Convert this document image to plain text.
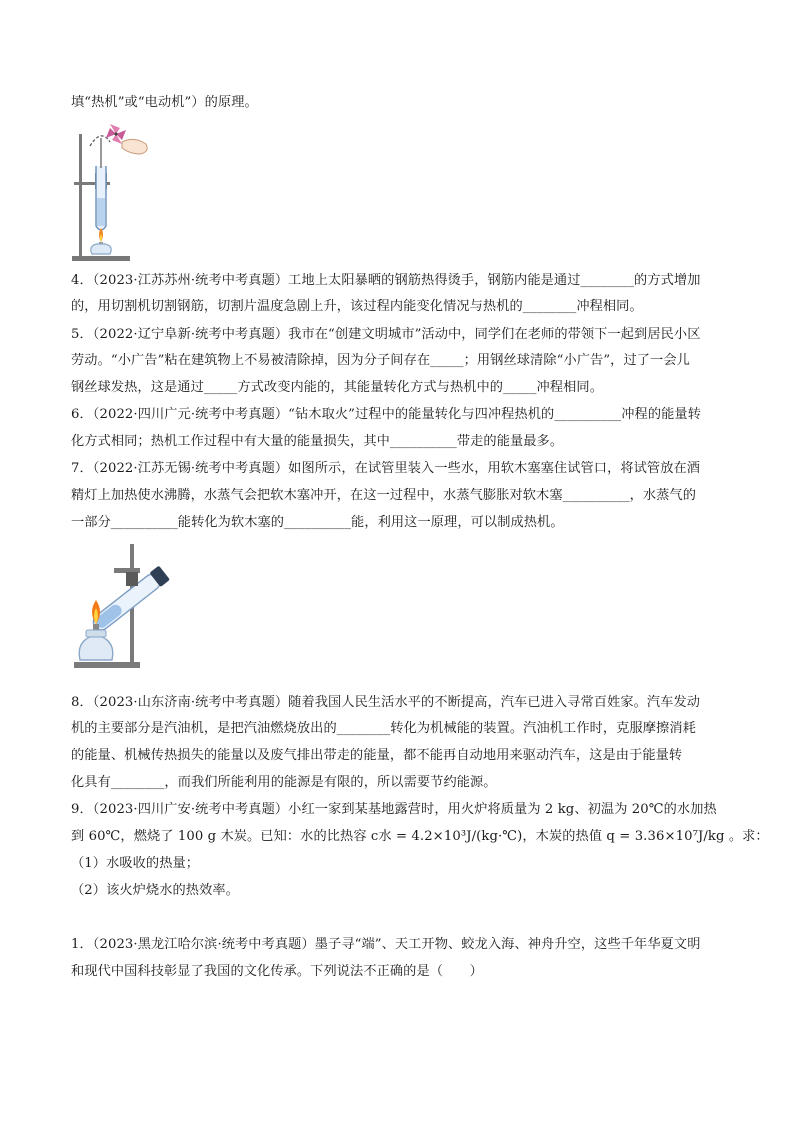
填“热机”或“电动机”）的原理。
4．（2023·江苏苏州·统考中考真题）工地上太阳暴晒的钢筋热得烫手，钢筋内能是通过________的方式增加
的，用切割机切割钢筋，切割片温度急剧上升，该过程内能变化情况与热机的________冲程相同。
5．（2022·辽宁阜新·统考中考真题）我市在“创建文明城市”活动中，同学们在老师的带领下一起到居民小区
劳动。“小广告”粘在建筑物上不易被清除掉，因为分子间存在_____；用钢丝球清除“小广告”，过了一会儿
钢丝球发热，这是通过_____方式改变内能的，其能量转化方式与热机中的_____冲程相同。
6．（2022·四川广元·统考中考真题）“钻木取火”过程中的能量转化与四冲程热机的__________冲程的能量转
化方式相同；热机工作过程中有大量的能量损失，其中__________带走的能量最多。
7．（2022·江苏无锡·统考中考真题）如图所示，在试管里装入一些水，用软木塞塞住试管口，将试管放在酒
精灯上加热使水沸腾，水蒸气会把软木塞冲开，在这一过程中，水蒸气膨胀对软木塞__________，水蒸气的
一部分__________能转化为软木塞的__________能，利用这一原理，可以制成热机。
8．（2023·山东济南·统考中考真题）随着我国人民生活水平的不断提高，汽车已进入寻常百姓家。汽车发动
机的主要部分是汽油机，是把汽油燃烧放出的________转化为机械能的装置。汽油机工作时，克服摩擦消耗
的能量、机械传热损失的能量以及废气排出带走的能量，都不能再自动地用来驱动汽车，这是由于能量转
化具有________，而我们所能利用的能源是有限的，所以需要节约能源。
9．（2023·四川广安·统考中考真题）小红一家到某基地露营时，用火炉将质量为 2 kg、初温为 20℃的水加热
到 60℃，燃烧了 100 g 木炭。已知：水的比热容 c水 = 4.2×10³J/(kg·℃)，木炭的热值 q = 3.36×10⁷J/kg 。求：
（1）水吸收的热量；
（2）该火炉烧水的热效率。
1．（2023·黑龙江哈尔滨·统考中考真题）墨子寻“端”、天工开物、蛟龙入海、神舟升空，这些千年华夏文明
和现代中国科技彰显了我国的文化传承。下列说法不正确的是（　　）
